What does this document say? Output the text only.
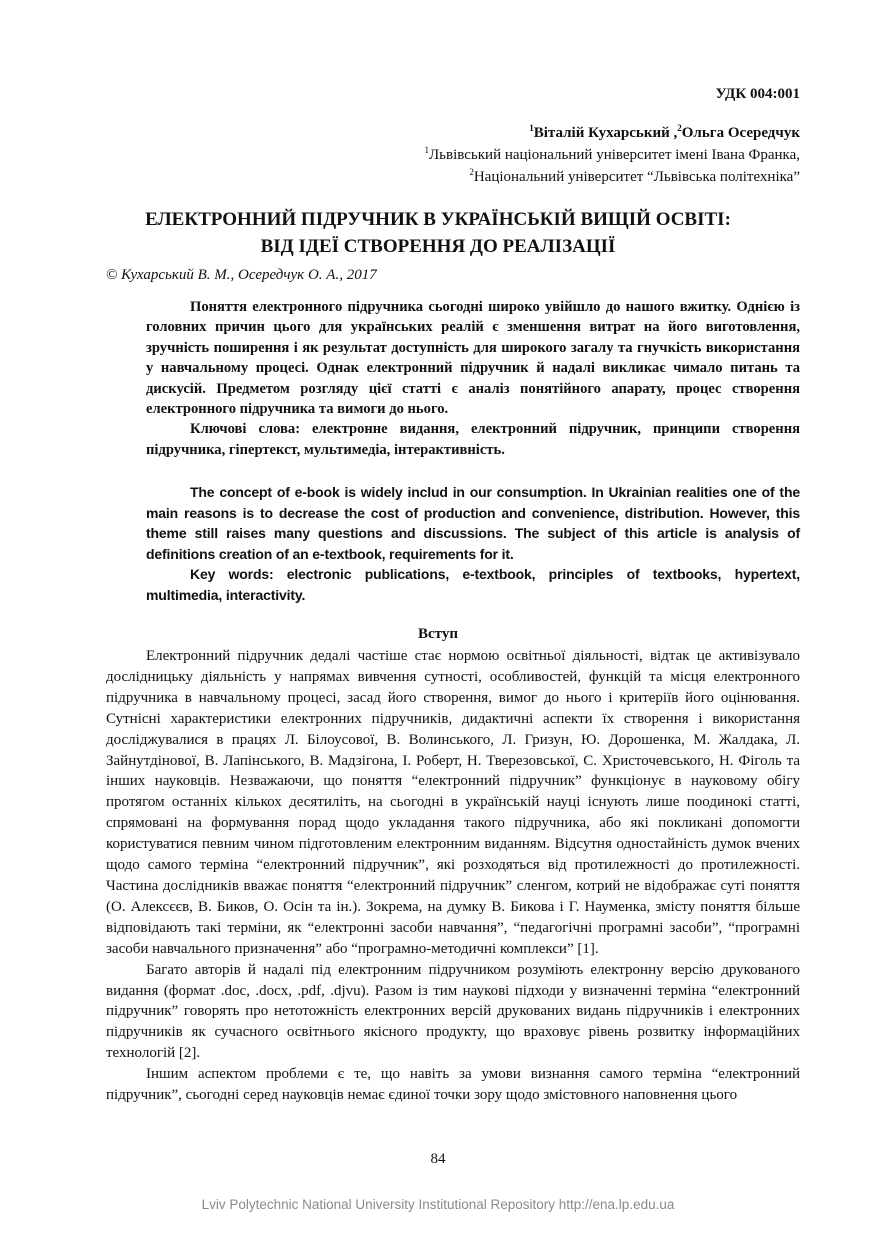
УДК 004:001
$^1$Віталій Кухарський ,$^2$Ольга Осередчук
$^1$Львівський національний університет імені Івана Франка,
$^2$Національний університет “Львівська політехніка”
ЕЛЕКТРОННИЙ ПІДРУЧНИК В УКРАЇНСЬКІЙ ВИЩІЙ ОСВІТІ:
ВІД ІДЕЇ СТВОРЕННЯ ДО РЕАЛІЗАЦІЇ
© Кухарський В. М., Осередчук О. А., 2017

Поняття електронного підручника сьогодні широко увійшло до нашого вжитку. Однією із головних причин цього для українських реалій є зменшення витрат на його виготовлення, зручність поширення і як результат доступність для широкого загалу та гнучкість використання у навчальному процесі. Однак електронний підручник й надалі викликає чимало питань та дискусій. Предметом розгляду цієї статті є аналіз понятійного апарату, процес створення електронного підручника та вимоги до нього.

Ключові слова: електронне видання, електронний підручник, принципи створення підручника, гіпертекст, мультимедіа, інтерактивність.

The concept of e-book is widely includ in our consumption. In Ukrainian realities one of the main reasons is to decrease the cost of production and convenience, distribution. However, this theme still raises many questions and discussions. The subject of this article is analysis of definitions creation of an e-textbook, requirements for it.

Key words: electronic publications, e-textbook, principles of textbooks, hypertext, multimedia, interactivity.

Вступ

Електронний підручник дедалі частіше стає нормою освітньої діяльності, відтак це активізувало дослідницьку діяльність у напрямах вивчення сутності, особливостей, функцій та місця електронного підручника в навчальному процесі, засад його створення, вимог до нього і критеріїв його оцінювання. Сутнісні характеристики електронних підручників, дидактичні аспекти їх створення і використання досліджувалися в працях Л. Білоусової, В. Волинського, Л. Гризун, Ю. Дорошенка, М. Жалдака, Л. Зайнутдінової, В. Лапінського, В. Мадзігона, І. Роберт, Н. Тверезовської, С. Христочевського, Н. Фіголь та інших науковців. Незважаючи, що поняття “електронний підручник” функціонує в науковому обігу протягом останніх кількох десятиліть, на сьогодні в українській науці існують лише поодинокі статті, спрямовані на формування порад щодо укладання такого підручника, або які покликані допомогти користуватися певним чином підготовленим електронним виданням. Відсутня одностайність думок вчених щодо самого терміна “електронний підручник”, які розходяться від протилежності до протилежності. Частина дослідників вважає поняття “електронний підручник” сленгом, котрий не відображає суті поняття (О. Алексєєв, В. Биков, О. Осін та ін.). Зокрема, на думку В. Бикова і Г. Науменка, змісту поняття більше відповідають такі терміни, як “електронні засоби навчання”, “педагогічні програмні засоби”, “програмні засоби навчального призначення” або “програмно-методичні комплекси” [1].

Багато авторів й надалі під електронним підручником розуміють електронну версію друкованого видання (формат .doc, .docx, .pdf, .djvu). Разом із тим наукові підходи у визначенні терміна “електронний підручник” говорять про нетотожність електронних версій друкованих видань підручників і електронних підручників як сучасного освітнього якісного продукту, що враховує рівень розвитку інформаційних технологій [2].

Іншим аспектом проблеми є те, що навіть за умови визнання самого терміна “електронний підручник”, сьогодні серед науковців немає єдиної точки зору щодо змістовного наповнення цього

84
Lviv Polytechnic National University Institutional Repository http://ena.lp.edu.ua
